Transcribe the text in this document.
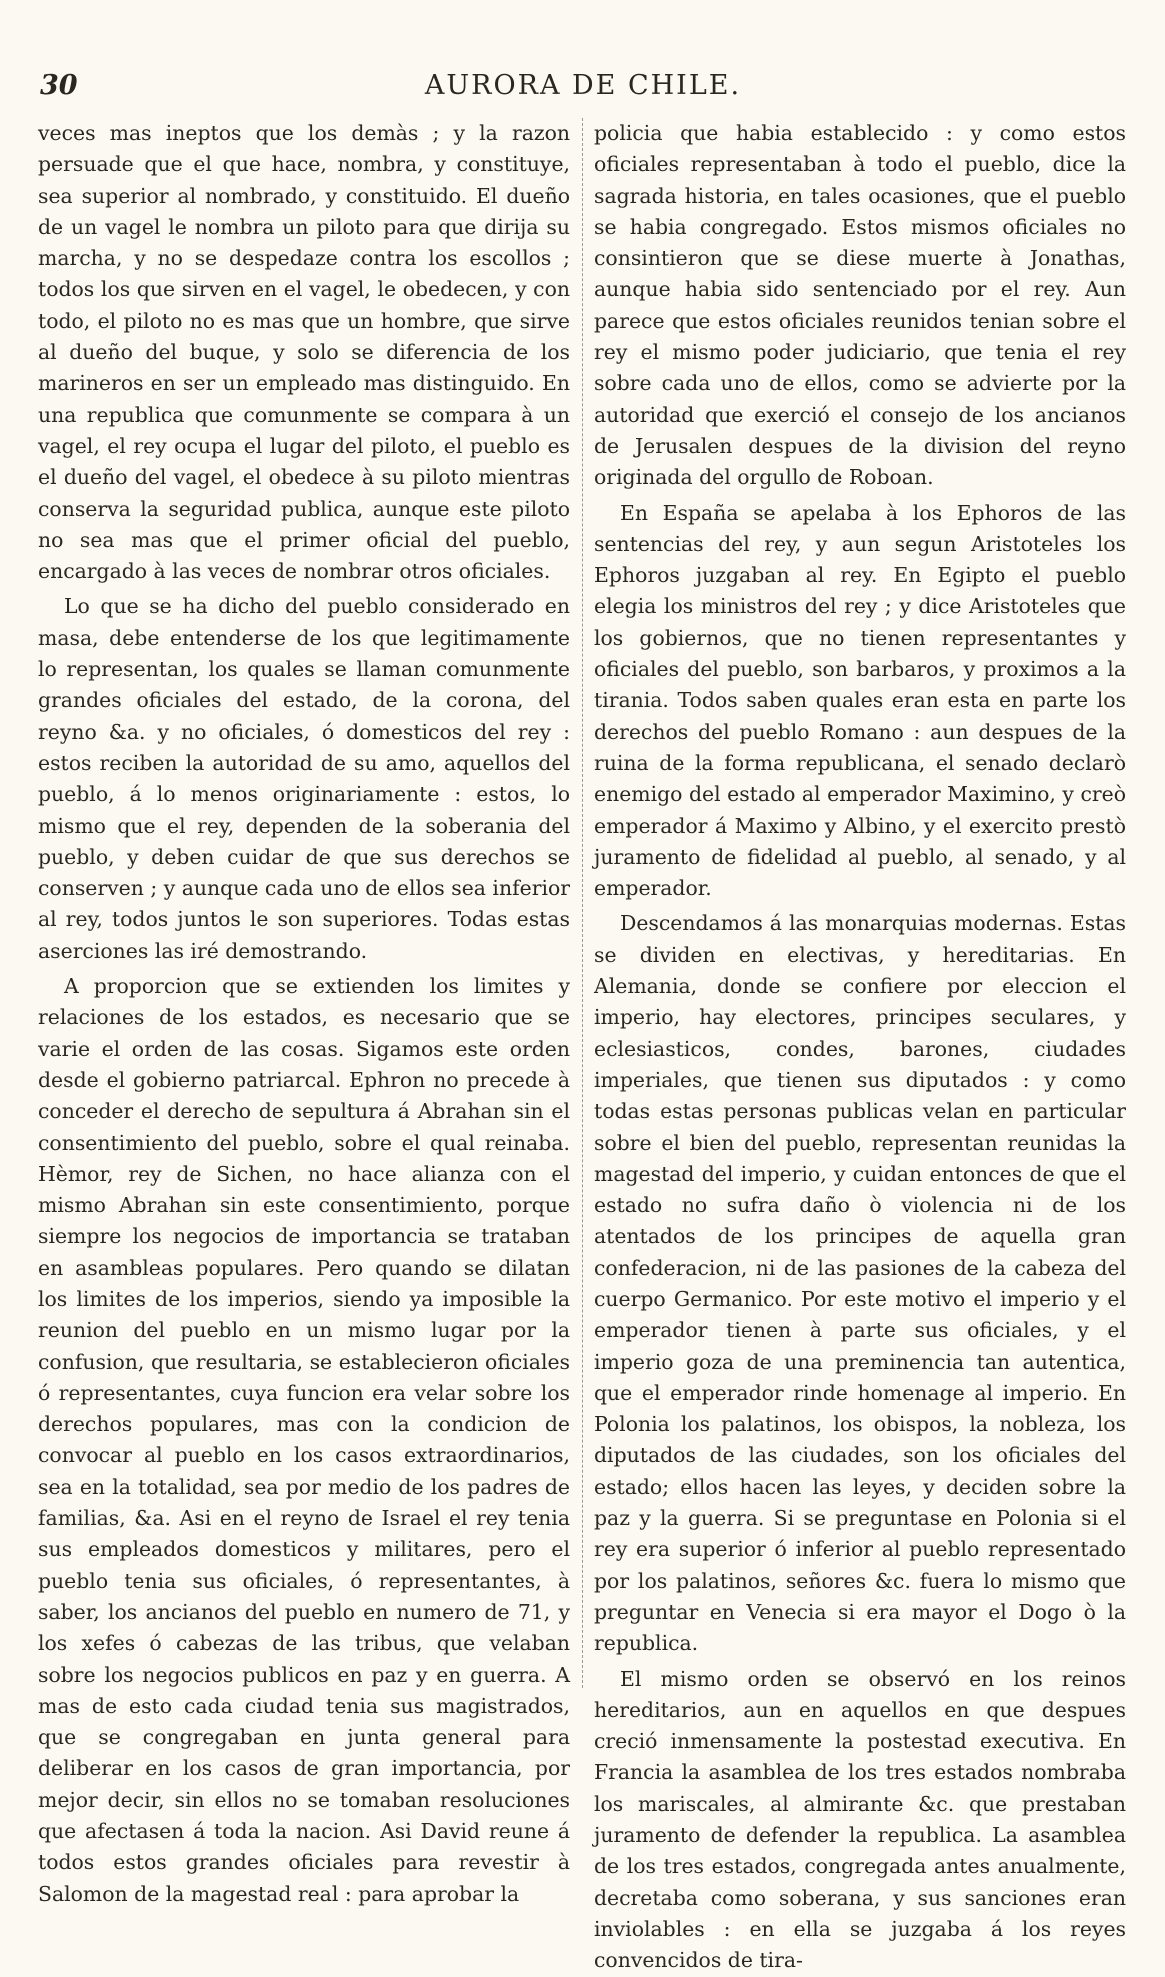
30	AURORA DE CHILE.

veces mas ineptos que los demàs ; y la razon persuade que el que hace, nombra, y constituye, sea superior al nombrado, y constituido. El dueño de un vagel le nombra un piloto para que dirija su marcha, y no se despedaze contra los escollos ; todos los que sirven en el vagel, le obedecen, y con todo, el piloto no es mas que un hombre, que sirve al dueño del buque, y solo se diferencia de los marineros en ser un empleado mas distinguido. En una republica que comunmente se compara à un vagel, el rey ocupa el lugar del piloto, el pueblo es el dueño del vagel, el obedece à su piloto mientras conserva la seguridad publica, aunque este piloto no sea mas que el primer oficial del pueblo, encargado à las veces de nombrar otros oficiales.

Lo que se ha dicho del pueblo considerado en masa, debe entenderse de los que legitimamente lo representan, los quales se llaman comunmente grandes oficiales del estado, de la corona, del reyno &a. y no oficiales, ó domesticos del rey : estos reciben la autoridad de su amo, aquellos del pueblo, á lo menos originariamente : estos, lo mismo que el rey, dependen de la soberania del pueblo, y deben cuidar de que sus derechos se conserven ; y aunque cada uno de ellos sea inferior al rey, todos juntos le son superiores. Todas estas aserciones las iré demostrando.

A proporcion que se extienden los limites y relaciones de los estados, es necesario que se varie el orden de las cosas. Sigamos este orden desde el gobierno patriarcal. Ephron no precede à conceder el derecho de sepultura á Abrahan sin el consentimiento del pueblo, sobre el qual reinaba. Hèmor, rey de Sichen, no hace alianza con el mismo Abrahan sin este consentimiento, porque siempre los negocios de importancia se trataban en asambleas populares. Pero quando se dilatan los limites de los imperios, siendo ya imposible la reunion del pueblo en un mismo lugar por la confusion, que resultaria, se establecieron oficiales ó representantes, cuya funcion era velar sobre los derechos populares, mas con la condicion de convocar al pueblo en los casos extraordinarios, sea en la totalidad, sea por medio de los padres de familias, &a. Asi en el reyno de Israel el rey tenia sus empleados domesticos y militares, pero el pueblo tenia sus oficiales, ó representantes, à saber, los ancianos del pueblo en numero de 71, y los xefes ó cabezas de las tribus, que velaban sobre los negocios publicos en paz y en guerra. A mas de esto cada ciudad tenia sus magistrados, que se congregaban en junta general para deliberar en los casos de gran importancia, por mejor decir, sin ellos no se tomaban resoluciones que afectasen á toda la nacion. Asi David reune á todos estos grandes oficiales para revestir à Salomon de la magestad real : para aprobar la

policia que habia establecido : y como estos oficiales representaban à todo el pueblo, dice la sagrada historia, en tales ocasiones, que el pueblo se habia congregado. Estos mismos oficiales no consintieron que se diese muerte à Jonathas, aunque habia sido sentenciado por el rey. Aun parece que estos oficiales reunidos tenian sobre el rey el mismo poder judiciario, que tenia el rey sobre cada uno de ellos, como se advierte por la autoridad que exerció el consejo de los ancianos de Jerusalen despues de la division del reyno originada del orgullo de Roboan.

En España se apelaba à los Ephoros de las sentencias del rey, y aun segun Aristoteles los Ephoros juzgaban al rey. En Egipto el pueblo elegia los ministros del rey ; y dice Aristoteles que los gobiernos, que no tienen representantes y oficiales del pueblo, son barbaros, y proximos a la tirania. Todos saben quales eran esta en parte los derechos del pueblo Romano : aun despues de la ruina de la forma republicana, el senado declarò enemigo del estado al emperador Maximino, y creò emperador á Maximo y Albino, y el exercito prestò juramento de fidelidad al pueblo, al senado, y al emperador.

Descendamos á las monarquias modernas. Estas se dividen en electivas, y hereditarias. En Alemania, donde se confiere por eleccion el imperio, hay electores, principes seculares, y eclesiasticos, condes, barones, ciudades imperiales, que tienen sus diputados : y como todas estas personas publicas velan en particular sobre el bien del pueblo, representan reunidas la magestad del imperio, y cuidan entonces de que el estado no sufra daño ò violencia ni de los atentados de los principes de aquella gran confederacion, ni de las pasiones de la cabeza del cuerpo Germanico. Por este motivo el imperio y el emperador tienen à parte sus oficiales, y el imperio goza de una preminencia tan autentica, que el emperador rinde homenage al imperio. En Polonia los palatinos, los obispos, la nobleza, los diputados de las ciudades, son los oficiales del estado; ellos hacen las leyes, y deciden sobre la paz y la guerra. Si se preguntase en Polonia si el rey era superior ó inferior al pueblo representado por los palatinos, señores &c. fuera lo mismo que preguntar en Venecia si era mayor el Dogo ò la republica.

El mismo orden se observó en los reinos hereditarios, aun en aquellos en que despues creció inmensamente la postestad executiva. En Francia la asamblea de los tres estados nombraba los mariscales, al almirante &c. que prestaban juramento de defender la republica. La asamblea de los tres estados, congregada antes anualmente, decretaba como soberana, y sus sanciones eran inviolables : en ella se juzgaba á los reyes convencidos de tira-
